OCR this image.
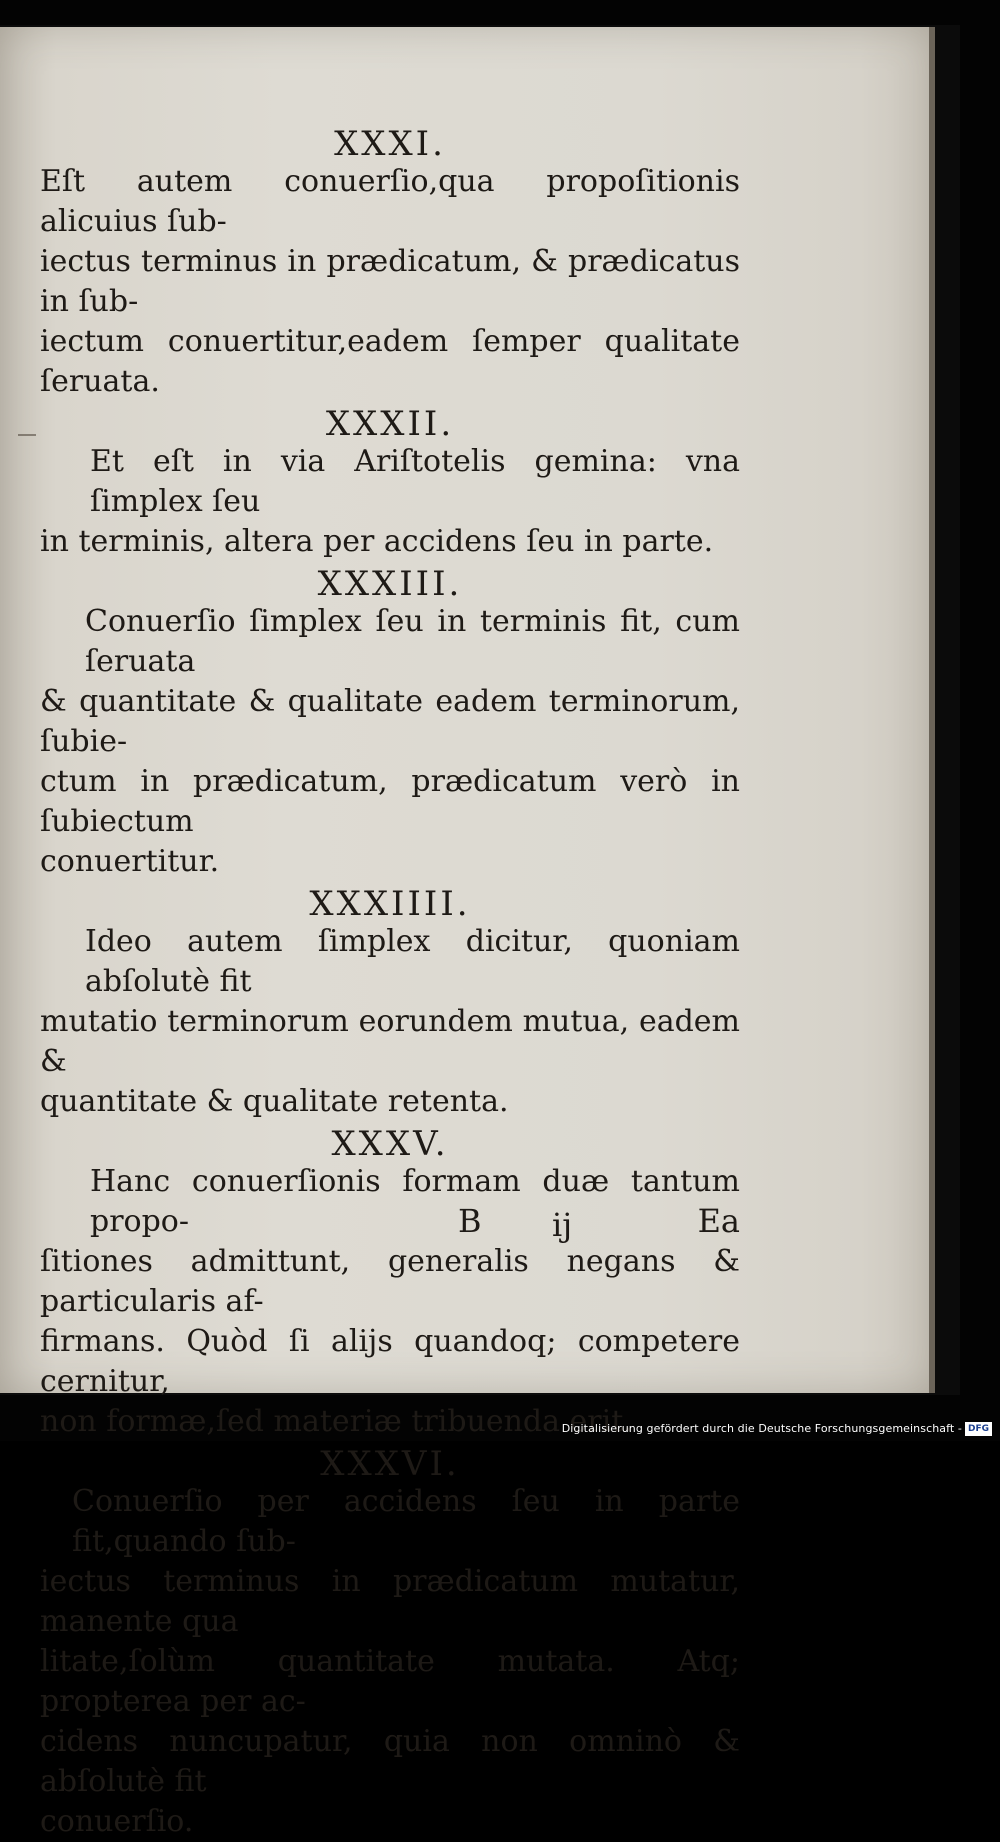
XXXI.
Eſt autem conuerſio,qua propoſitionis alicuius ſub-
iectus terminus in prædicatum, & prædicatus in ſub-
iectum conuertitur,eadem ſemper qualitate ſeruata.
XXXII.
Et eſt in via Ariſtotelis gemina: vna ſimplex ſeu
in terminis, altera per accidens ſeu in parte.
XXXIII.
Conuerſio ſimplex ſeu in terminis fit, cum ſeruata
& quantitate & qualitate eadem terminorum, ſubie-
ctum in prædicatum, prædicatum verò in ſubiectum
conuertitur.
XXXIIII.
Ideo autem ſimplex dicitur, quoniam abſolutè fit
mutatio terminorum eorundem mutua, eadem &
quantitate & qualitate retenta.
XXXV.
Hanc conuerſionis formam duæ tantum propo-
ſitiones admittunt, generalis negans & particularis af-
firmans. Quòd ſi aliјs quandoq; competere cernitur,
non formæ,ſed materiæ tribuenda erit.
XXXVI.
Conuerſio per accidens ſeu in parte fit,quando ſub-
iectus terminus in prædicatum mutatur, manente qua
litate,ſolùm quantitate mutata. Atq; propterea per ac-
cidens nuncupatur, quia non omninò & abſolutè fit
conuerſio.
B ij	Ea
Digitalisierung gefördert durch die Deutsche Forschungsgemeinschaft - DFG
